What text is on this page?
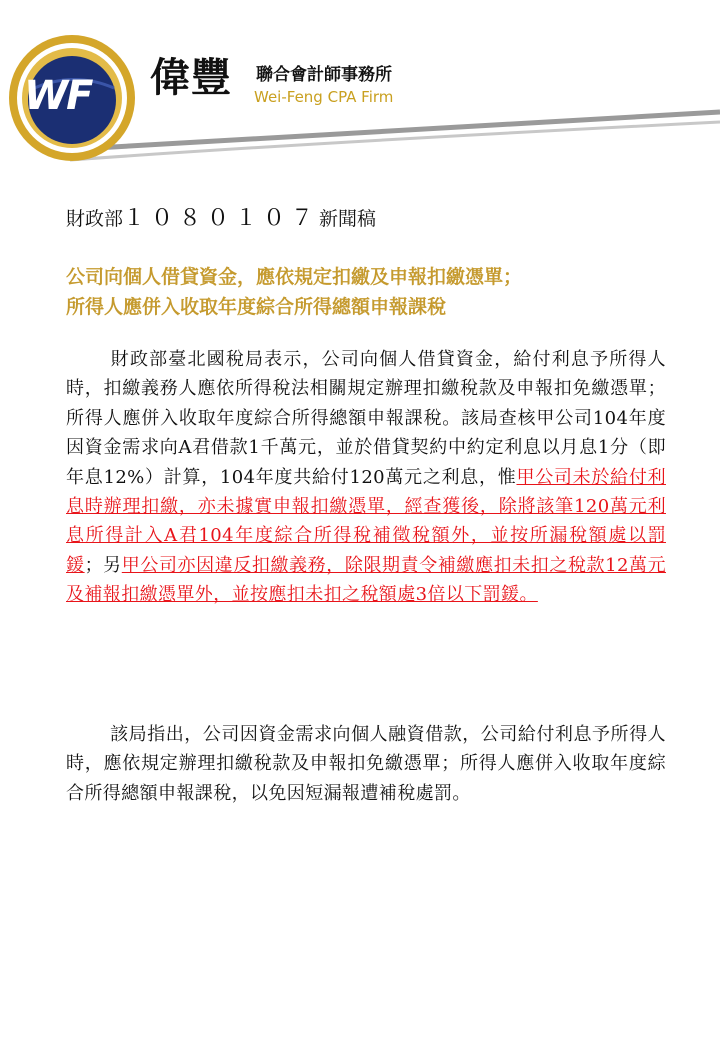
WF 偉豐 聯合會計師事務所
Wei-Feng CPA Firm
財政部１０８０１０７新聞稿
公司向個人借貸資金，應依規定扣繳及申報扣繳憑單；
所得人應併入收取年度綜合所得總額申報課稅
財政部臺北國稅局表示，公司向個人借貸資金，給付利息予所得人時，扣繳義務人應依所得稅法相關規定辦理扣繳稅款及申報扣免繳憑單；所得人應併入收取年度綜合所得總額申報課稅。該局查核甲公司104年度因資金需求向A君借款1千萬元，並於借貸契約中約定利息以月息1分（即年息12%）計算，104年度共給付120萬元之利息，惟甲公司未於給付利息時辦理扣繳，亦未據實申報扣繳憑單，經查獲後，除將該筆120萬元利息所得計入A君104年度綜合所得稅補徵稅額外，並按所漏稅額處以罰鍰；另甲公司亦因違反扣繳義務，除限期責令補繳應扣未扣之稅款12萬元及補報扣繳憑單外，並按應扣未扣之稅額處3倍以下罰鍰。
該局指出，公司因資金需求向個人融資借款，公司給付利息予所得人時，應依規定辦理扣繳稅款及申報扣免繳憑單；所得人應併入收取年度綜合所得總額申報課稅，以免因短漏報遭補稅處罰。
